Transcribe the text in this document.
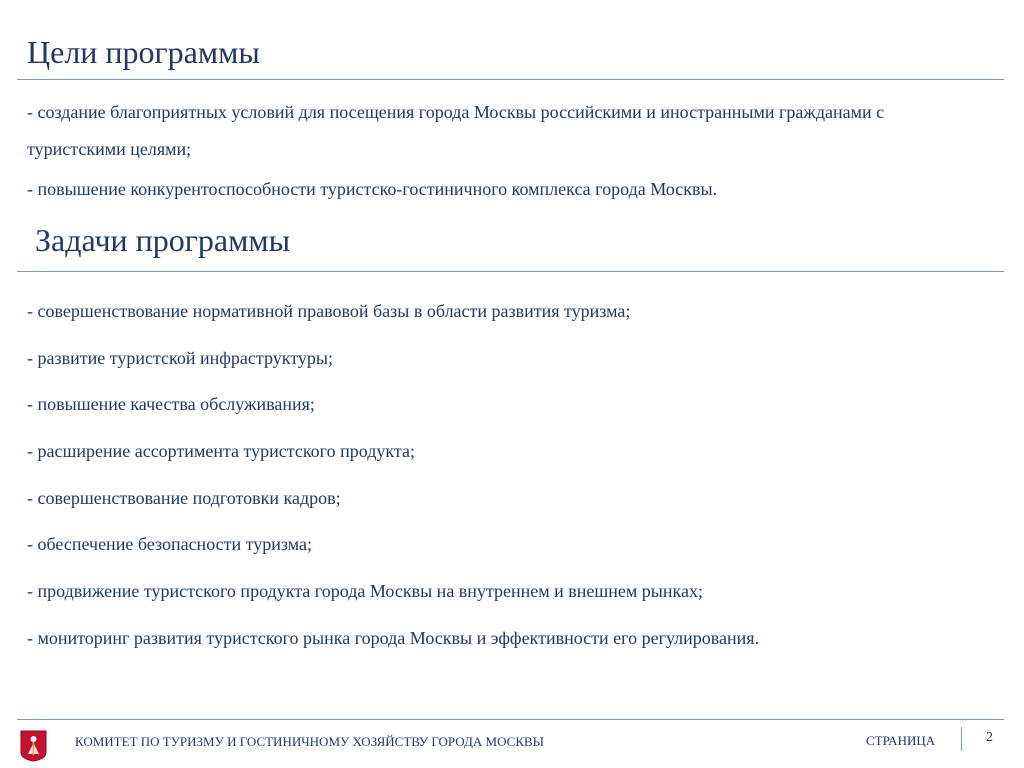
Цели программы

- создание благоприятных условий для посещения города Москвы российскими и иностранными гражданами с туристскими целями;

- повышение конкурентоспособности туристско-гостиничного комплекса города Москвы.

Задачи программы
- совершенствование нормативной правовой базы в области развития туризма;
- развитие туристской инфраструктуры;
- повышение качества обслуживания;
- расширение ассортимента туристского продукта;
- совершенствование подготовки кадров;
- обеспечение безопасности туризма;
- продвижение туристского продукта города Москвы на внутреннем и внешнем рынках;
- мониторинг развития туристского рынка города Москвы и эффективности его регулирования.
КОМИТЕТ ПО ТУРИЗМУ И ГОСТИНИЧНОМУ ХОЗЯЙСТВУ ГОРОДА МОСКВЫ	СТРАНИЦА	2
